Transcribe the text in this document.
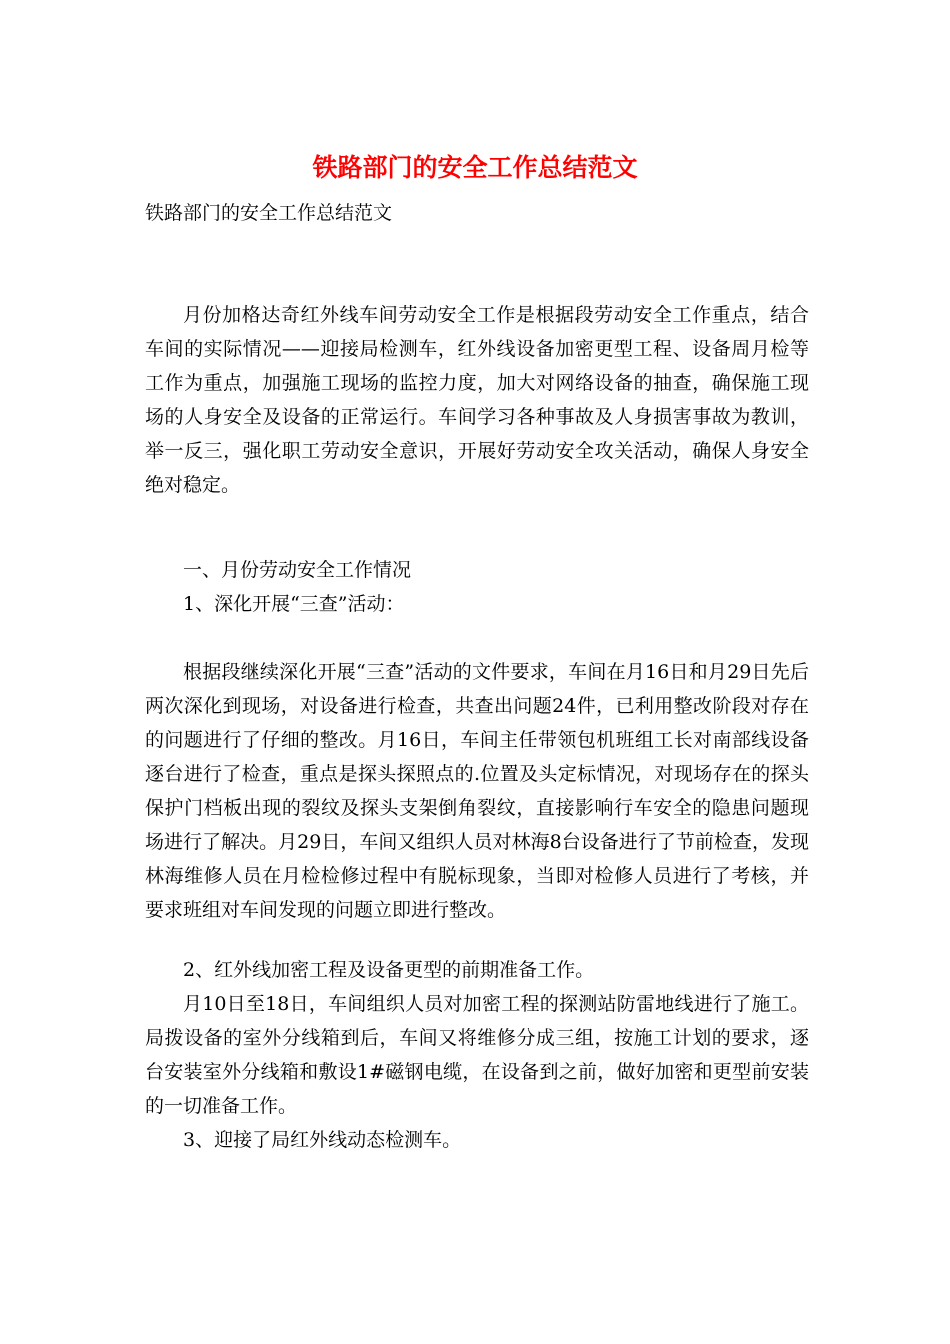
铁路部门的安全工作总结范文

铁路部门的安全工作总结范文

月份加格达奇红外线车间劳动安全工作是根据段劳动安全工作重点，结合车间的实际情况——迎接局检测车，红外线设备加密更型工程、设备周月检等工作为重点，加强施工现场的监控力度，加大对网络设备的抽查，确保施工现场的人身安全及设备的正常运行。车间学习各种事故及人身损害事故为教训，举一反三，强化职工劳动安全意识，开展好劳动安全攻关活动，确保人身安全绝对稳定。

一、月份劳动安全工作情况

1、深化开展“三查”活动：

根据段继续深化开展“三查”活动的文件要求，车间在月16日和月29日先后两次深化到现场，对设备进行检查，共查出问题24件，已利用整改阶段对存在的问题进行了仔细的整改。月16日，车间主任带领包机班组工长对南部线设备逐台进行了检查，重点是探头探照点的.位置及头定标情况，对现场存在的探头保护门档板出现的裂纹及探头支架倒角裂纹，直接影响行车安全的隐患问题现场进行了解决。月29日，车间又组织人员对林海8台设备进行了节前检查，发现林海维修人员在月检检修过程中有脱标现象，当即对检修人员进行了考核，并要求班组对车间发现的问题立即进行整改。

2、红外线加密工程及设备更型的前期准备工作。

月10日至18日，车间组织人员对加密工程的探测站防雷地线进行了施工。局拨设备的室外分线箱到后，车间又将维修分成三组，按施工计划的要求，逐台安装室外分线箱和敷设1#磁钢电缆，在设备到之前，做好加密和更型前安装的一切准备工作。

3、迎接了局红外线动态检测车。
